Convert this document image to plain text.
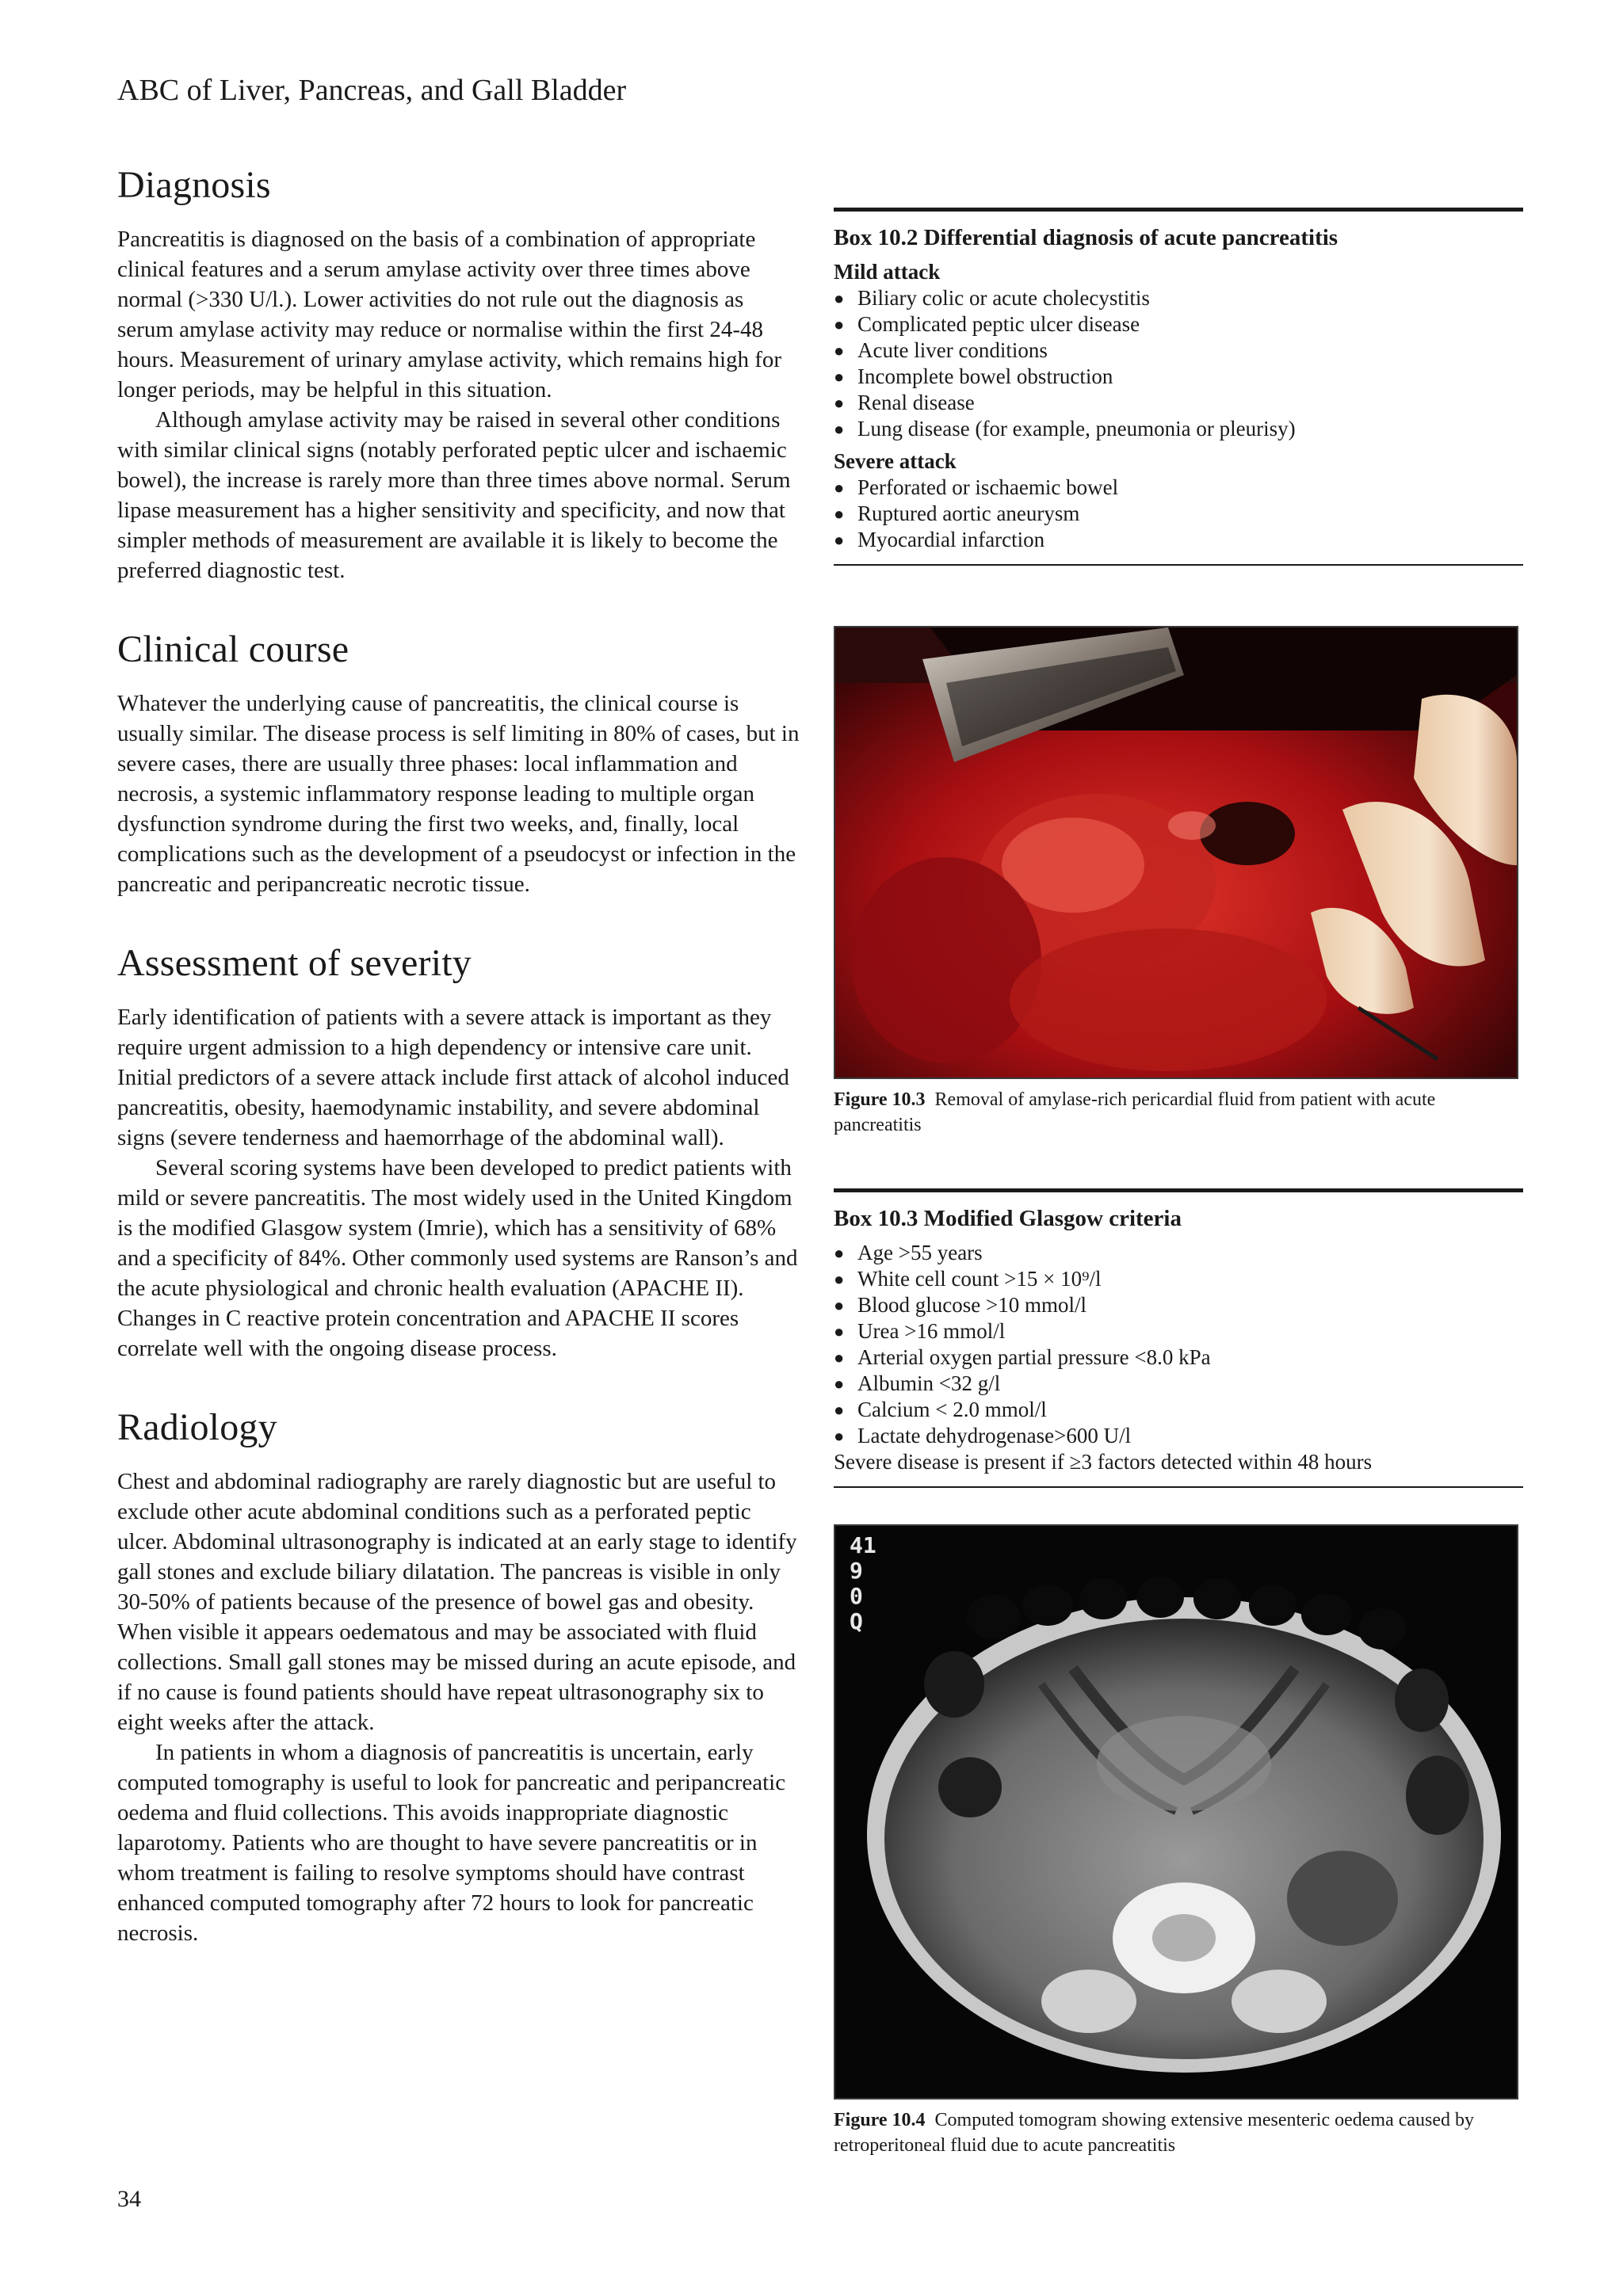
ABC of Liver, Pancreas, and Gall Bladder
Diagnosis

Pancreatitis is diagnosed on the basis of a combination of appropriate clinical features and a serum amylase activity over three times above normal (>330 U/l.). Lower activities do not rule out the diagnosis as serum amylase activity may reduce or normalise within the first 24-48 hours. Measurement of urinary amylase activity, which remains high for longer periods, may be helpful in this situation.

Although amylase activity may be raised in several other conditions with similar clinical signs (notably perforated peptic ulcer and ischaemic bowel), the increase is rarely more than three times above normal. Serum lipase measurement has a higher sensitivity and specificity, and now that simpler methods of measurement are available it is likely to become the preferred diagnostic test.

Clinical course

Whatever the underlying cause of pancreatitis, the clinical course is usually similar. The disease process is self limiting in 80% of cases, but in severe cases, there are usually three phases: local inflammation and necrosis, a systemic inflammatory response leading to multiple organ dysfunction syndrome during the first two weeks, and, finally, local complications such as the development of a pseudocyst or infection in the pancreatic and peripancreatic necrotic tissue.

Assessment of severity

Early identification of patients with a severe attack is important as they require urgent admission to a high dependency or intensive care unit. Initial predictors of a severe attack include first attack of alcohol induced pancreatitis, obesity, haemodynamic instability, and severe abdominal signs (severe tenderness and haemorrhage of the abdominal wall).

Several scoring systems have been developed to predict patients with mild or severe pancreatitis. The most widely used in the United Kingdom is the modified Glasgow system (Imrie), which has a sensitivity of 68% and a specificity of 84%. Other commonly used systems are Ranson’s and the acute physiological and chronic health evaluation (APACHE II). Changes in C reactive protein concentration and APACHE II scores correlate well with the ongoing disease process.

Radiology

Chest and abdominal radiography are rarely diagnostic but are useful to exclude other acute abdominal conditions such as a perforated peptic ulcer. Abdominal ultrasonography is indicated at an early stage to identify gall stones and exclude biliary dilatation. The pancreas is visible in only 30-50% of patients because of the presence of bowel gas and obesity. When visible it appears oedematous and may be associated with fluid collections. Small gall stones may be missed during an acute episode, and if no cause is found patients should have repeat ultrasonography six to eight weeks after the attack.

In patients in whom a diagnosis of pancreatitis is uncertain, early computed tomography is useful to look for pancreatic and peripancreatic oedema and fluid collections. This avoids inappropriate diagnostic laparotomy. Patients who are thought to have severe pancreatitis or in whom treatment is failing to resolve symptoms should have contrast enhanced computed tomography after 72 hours to look for pancreatic necrosis.

Box 10.2 Differential diagnosis of acute pancreatitis

Mild attack

● Biliary colic or acute cholecystitis
● Complicated peptic ulcer disease
● Acute liver conditions
● Incomplete bowel obstruction
● Renal disease
● Lung disease (for example, pneumonia or pleurisy)

Severe attack

● Perforated or ischaemic bowel
● Ruptured aortic aneurysm
● Myocardial infarction

Figure 10.3 Removal of amylase-rich pericardial fluid from patient with acute pancreatitis

Box 10.3 Modified Glasgow criteria

● Age >55 years
● White cell count >15 × 10⁹/l
● Blood glucose >10 mmol/l
● Urea >16 mmol/l
● Arterial oxygen partial pressure <8.0 kPa
● Albumin <32 g/l
● Calcium < 2.0 mmol/l
● Lactate dehydrogenase>600 U/l

Severe disease is present if ≥3 factors detected within 48 hours

41
9
0
Q

Figure 10.4 Computed tomogram showing extensive mesenteric oedema caused by retroperitoneal fluid due to acute pancreatitis

34
